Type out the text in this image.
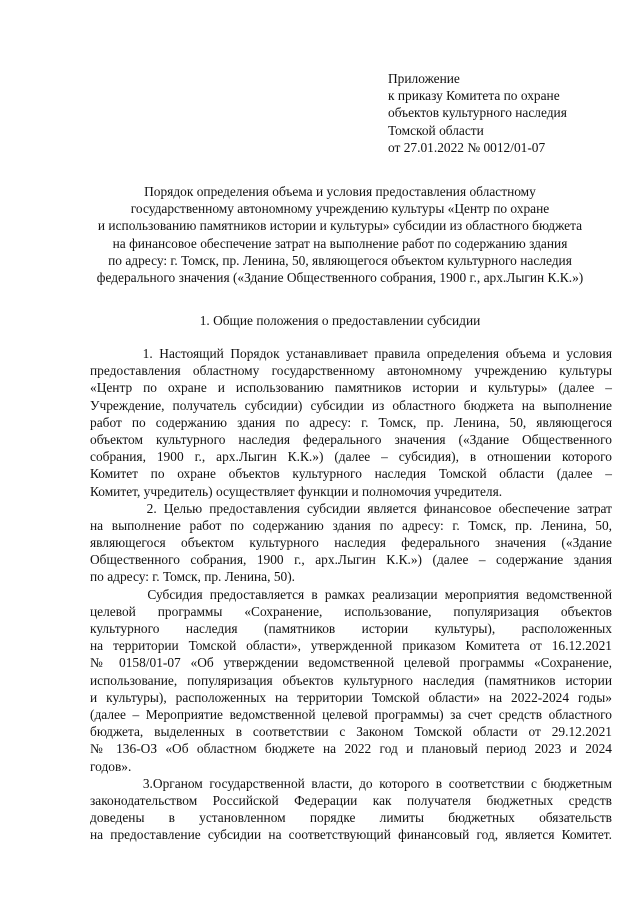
Приложение
к приказу Комитета по охране
объектов культурного наследия
Томской области
от 27.01.2022 № 0012/01-07
Порядок определения объема и условия предоставления областному
государственному автономному учреждению культуры «Центр по охране
и использованию памятников истории и культуры» субсидии из областного бюджета
на финансовое обеспечение затрат на выполнение работ по содержанию здания
по адресу: г. Томск, пр. Ленина, 50, являющегося объектом культурного наследия
федерального значения («Здание Общественного собрания, 1900 г., арх.Лыгин К.К.»)
1. Общие положения о предоставлении субсидии
1. Настоящий Порядок устанавливает правила определения объема и условия
предоставления областному государственному автономному учреждению культуры
«Центр по охране и использованию памятников истории и культуры» (далее –
Учреждение, получатель субсидии) субсидии из областного бюджета на выполнение
работ по содержанию здания по адресу: г. Томск, пр. Ленина, 50, являющегося
объектом культурного наследия федерального значения («Здание Общественного
собрания, 1900 г., арх.Лыгин К.К.») (далее – субсидия), в отношении которого
Комитет по охране объектов культурного наследия Томской области (далее –
Комитет, учредитель) осуществляет функции и полномочия учредителя.
2. Целью предоставления субсидии является финансовое обеспечение затрат
на выполнение работ по содержанию здания по адресу: г. Томск, пр. Ленина, 50,
являющегося объектом культурного наследия федерального значения («Здание
Общественного собрания, 1900 г., арх.Лыгин К.К.») (далее – содержание здания
по адресу: г. Томск, пр. Ленина, 50).
Субсидия предоставляется в рамках реализации мероприятия ведомственной
целевой программы «Сохранение, использование, популяризация объектов
культурного наследия (памятников истории культуры), расположенных
на территории Томской области», утвержденной приказом Комитета от 16.12.2021
№ 0158/01-07 «Об утверждении ведомственной целевой программы «Сохранение,
использование, популяризация объектов культурного наследия (памятников истории
и культуры), расположенных на территории Томской области» на 2022-2024 годы»
(далее – Мероприятие ведомственной целевой программы) за счет средств областного
бюджета, выделенных в соответствии с Законом Томской области от 29.12.2021
№ 136-ОЗ «Об областном бюджете на 2022 год и плановый период 2023 и 2024
годов».
3.Органом государственной власти, до которого в соответствии с бюджетным
законодательством Российской Федерации как получателя бюджетных средств
доведены в установленном порядке лимиты бюджетных обязательств
на предоставление субсидии на соответствующий финансовый год, является Комитет.
